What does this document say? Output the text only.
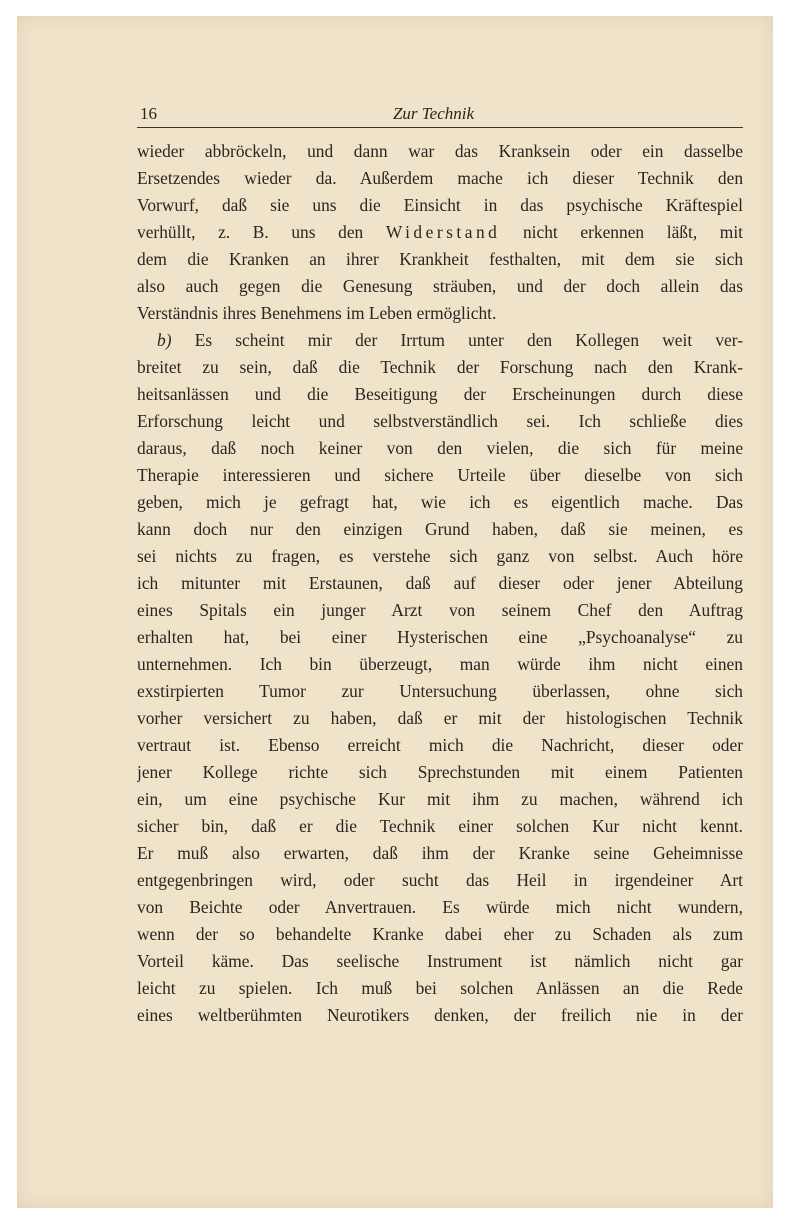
16	Zur Technik
wieder abbröckeln, und dann war das Kranksein oder ein dasselbe
Ersetzendes wieder da. Außerdem mache ich dieser Technik den
Vorwurf, daß sie uns die Einsicht in das psychische Kräftespiel
verhüllt, z. B. uns den Widerstand nicht erkennen läßt, mit
dem die Kranken an ihrer Krankheit festhalten, mit dem sie sich
also auch gegen die Genesung sträuben, und der doch allein das
Verständnis ihres Benehmens im Leben ermöglicht.
b) Es scheint mir der Irrtum unter den Kollegen weit ver-
breitet zu sein, daß die Technik der Forschung nach den Krank-
heitsanlässen und die Beseitigung der Erscheinungen durch diese
Erforschung leicht und selbstverständlich sei. Ich schließe dies
daraus, daß noch keiner von den vielen, die sich für meine
Therapie interessieren und sichere Urteile über dieselbe von sich
geben, mich je gefragt hat, wie ich es eigentlich mache. Das
kann doch nur den einzigen Grund haben, daß sie meinen, es
sei nichts zu fragen, es verstehe sich ganz von selbst. Auch höre
ich mitunter mit Erstaunen, daß auf dieser oder jener Abteilung
eines Spitals ein junger Arzt von seinem Chef den Auftrag
erhalten hat, bei einer Hysterischen eine „Psychoanalyse“ zu
unternehmen. Ich bin überzeugt, man würde ihm nicht einen
exstirpierten Tumor zur Untersuchung überlassen, ohne sich
vorher versichert zu haben, daß er mit der histologischen Technik
vertraut ist. Ebenso erreicht mich die Nachricht, dieser oder
jener Kollege richte sich Sprechstunden mit einem Patienten
ein, um eine psychische Kur mit ihm zu machen, während ich
sicher bin, daß er die Technik einer solchen Kur nicht kennt.
Er muß also erwarten, daß ihm der Kranke seine Geheimnisse
entgegenbringen wird, oder sucht das Heil in irgendeiner Art
von Beichte oder Anvertrauen. Es würde mich nicht wundern,
wenn der so behandelte Kranke dabei eher zu Schaden als zum
Vorteil käme. Das seelische Instrument ist nämlich nicht gar
leicht zu spielen. Ich muß bei solchen Anlässen an die Rede
eines weltberühmten Neurotikers denken, der freilich nie in der
